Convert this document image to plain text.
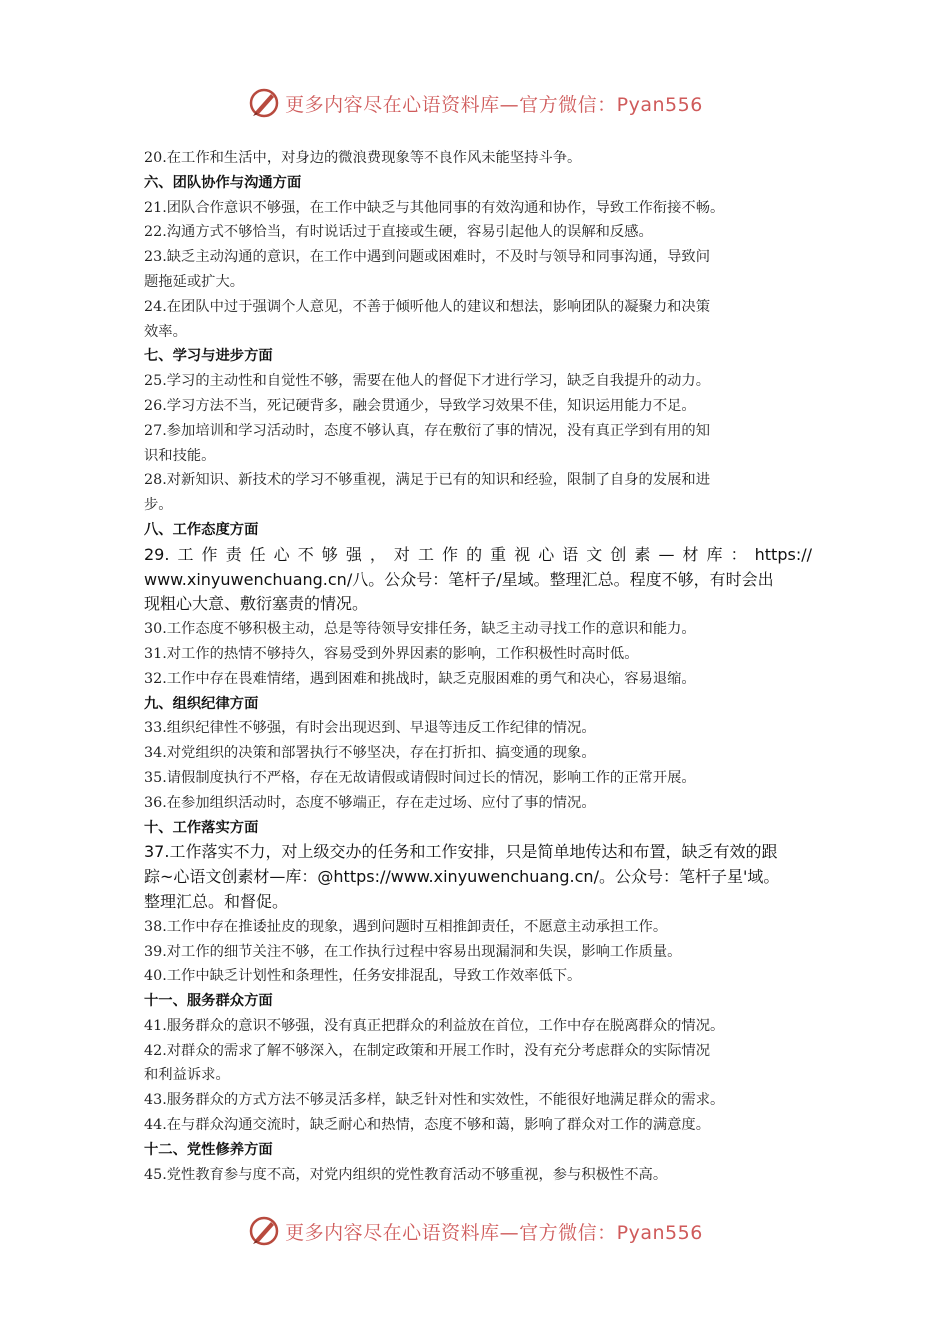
更多内容尽在心语资料库—官方微信：Pyan556
20.在工作和生活中，对身边的微浪费现象等不良作风未能坚持斗争。
六、团队协作与沟通方面
21.团队合作意识不够强，在工作中缺乏与其他同事的有效沟通和协作，导致工作衔接不畅。
22.沟通方式不够恰当，有时说话过于直接或生硬，容易引起他人的误解和反感。
23.缺乏主动沟通的意识，在工作中遇到问题或困难时，不及时与领导和同事沟通，导致问
题拖延或扩大。
24.在团队中过于强调个人意见，不善于倾听他人的建议和想法，影响团队的凝聚力和决策
效率。
七、学习与进步方面
25.学习的主动性和自觉性不够，需要在他人的督促下才进行学习，缺乏自我提升的动力。
26.学习方法不当，死记硬背多，融会贯通少，导致学习效果不佳，知识运用能力不足。
27.参加培训和学习活动时，态度不够认真，存在敷衍了事的情况，没有真正学到有用的知
识和技能。
28.对新知识、新技术的学习不够重视，满足于已有的知识和经验，限制了自身的发展和进
步。
八、工作态度方面
29.工作责任心不够强，对工作的重视心语文创素—材库：https://
www.xinyuwenchuang.cn/八。公众号：笔杆子/星域。整理汇总。程度不够，有时会出
现粗心大意、敷衍塞责的情况。
30.工作态度不够积极主动，总是等待领导安排任务，缺乏主动寻找工作的意识和能力。
31.对工作的热情不够持久，容易受到外界因素的影响，工作积极性时高时低。
32.工作中存在畏难情绪，遇到困难和挑战时，缺乏克服困难的勇气和决心，容易退缩。
九、组织纪律方面
33.组织纪律性不够强，有时会出现迟到、早退等违反工作纪律的情况。
34.对党组织的决策和部署执行不够坚决，存在打折扣、搞变通的现象。
35.请假制度执行不严格，存在无故请假或请假时间过长的情况，影响工作的正常开展。
36.在参加组织活动时，态度不够端正，存在走过场、应付了事的情况。
十、工作落实方面
37.工作落实不力，对上级交办的任务和工作安排，只是简单地传达和布置，缺乏有效的跟
踪~心语文创素材—库：@https://www.xinyuwenchuang.cn/。公众号：笔杆子星'域。
整理汇总。和督促。
38.工作中存在推诿扯皮的现象，遇到问题时互相推卸责任，不愿意主动承担工作。
39.对工作的细节关注不够，在工作执行过程中容易出现漏洞和失误，影响工作质量。
40.工作中缺乏计划性和条理性，任务安排混乱，导致工作效率低下。
十一、服务群众方面
41.服务群众的意识不够强，没有真正把群众的利益放在首位，工作中存在脱离群众的情况。
42.对群众的需求了解不够深入，在制定政策和开展工作时，没有充分考虑群众的实际情况
和利益诉求。
43.服务群众的方式方法不够灵活多样，缺乏针对性和实效性，不能很好地满足群众的需求。
44.在与群众沟通交流时，缺乏耐心和热情，态度不够和蔼，影响了群众对工作的满意度。
十二、党性修养方面
45.党性教育参与度不高，对党内组织的党性教育活动不够重视，参与积极性不高。
更多内容尽在心语资料库—官方微信：Pyan556
